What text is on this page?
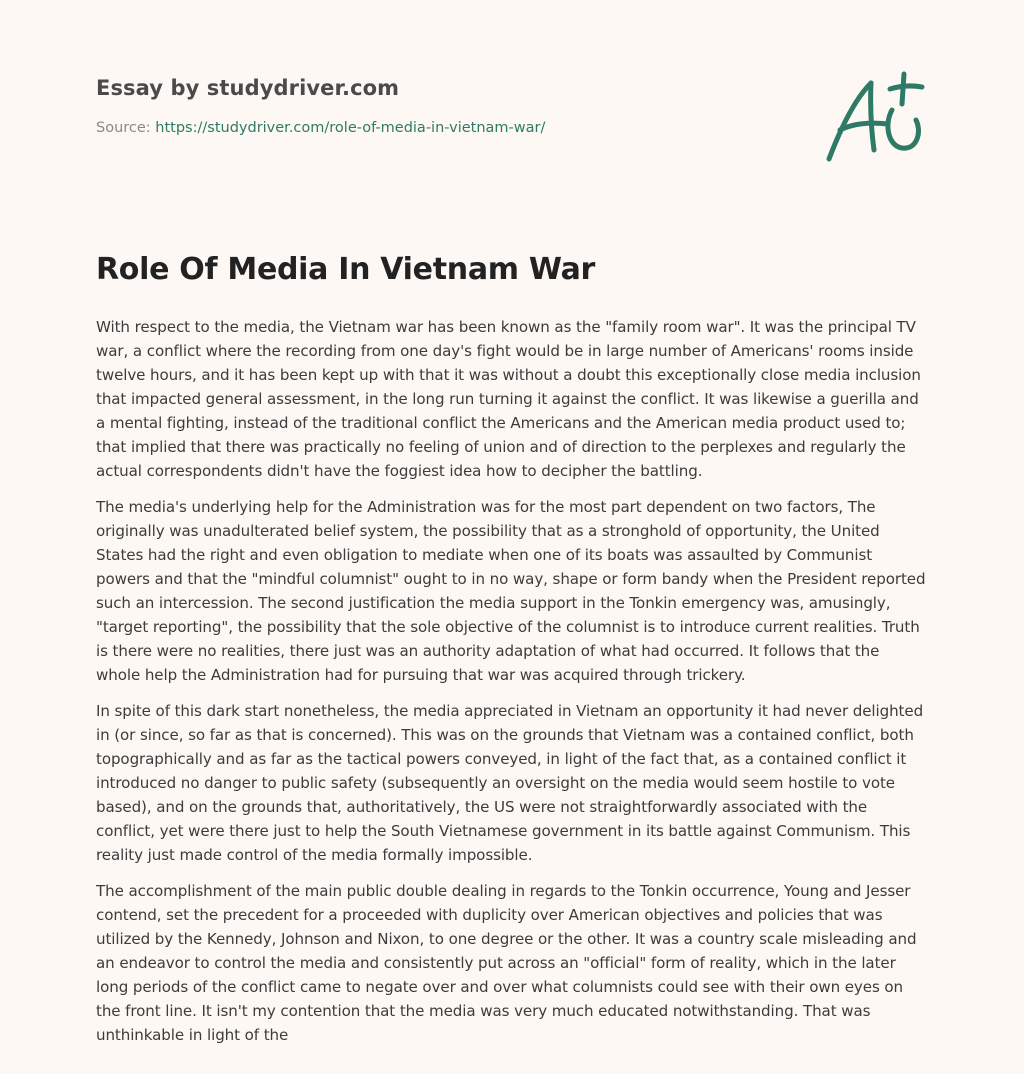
Essay by studydriver.com
Source: https://studydriver.com/role-of-media-in-vietnam-war/
Role Of Media In Vietnam War

With respect to the media, the Vietnam war has been known as the "family room war". It was the principal TV war, a conflict where the recording from one day's fight would be in large number of Americans' rooms inside twelve hours, and it has been kept up with that it was without a doubt this exceptionally close media inclusion that impacted general assessment, in the long run turning it against the conflict. It was likewise a guerilla and a mental fighting, instead of the traditional conflict the Americans and the American media product used to; that implied that there was practically no feeling of union and of direction to the perplexes and regularly the actual correspondents didn't have the foggiest idea how to decipher the battling.

The media's underlying help for the Administration was for the most part dependent on two factors, The originally was unadulterated belief system, the possibility that as a stronghold of opportunity, the United States had the right and even obligation to mediate when one of its boats was assaulted by Communist powers and that the "mindful columnist" ought to in no way, shape or form bandy when the President reported such an intercession. The second justification the media support in the Tonkin emergency was, amusingly, "target reporting", the possibility that the sole objective of the columnist is to introduce current realities. Truth is there were no realities, there just was an authority adaptation of what had occurred. It follows that the whole help the Administration had for pursuing that war was acquired through trickery.

In spite of this dark start nonetheless, the media appreciated in Vietnam an opportunity it had never delighted in (or since, so far as that is concerned). This was on the grounds that Vietnam was a contained conflict, both topographically and as far as the tactical powers conveyed, in light of the fact that, as a contained conflict it introduced no danger to public safety (subsequently an oversight on the media would seem hostile to vote based), and on the grounds that, authoritatively, the US were not straightforwardly associated with the conflict, yet were there just to help the South Vietnamese government in its battle against Communism. This reality just made control of the media formally impossible.

The accomplishment of the main public double dealing in regards to the Tonkin occurrence, Young and Jesser contend, set the precedent for a proceeded with duplicity over American objectives and policies that was utilized by the Kennedy, Johnson and Nixon, to one degree or the other. It was a country scale misleading and an endeavor to control the media and consistently put across an "official" form of reality, which in the later long periods of the conflict came to negate over and over what columnists could see with their own eyes on the front line. It isn't my contention that the media was very much educated notwithstanding. That was unthinkable in light of the
